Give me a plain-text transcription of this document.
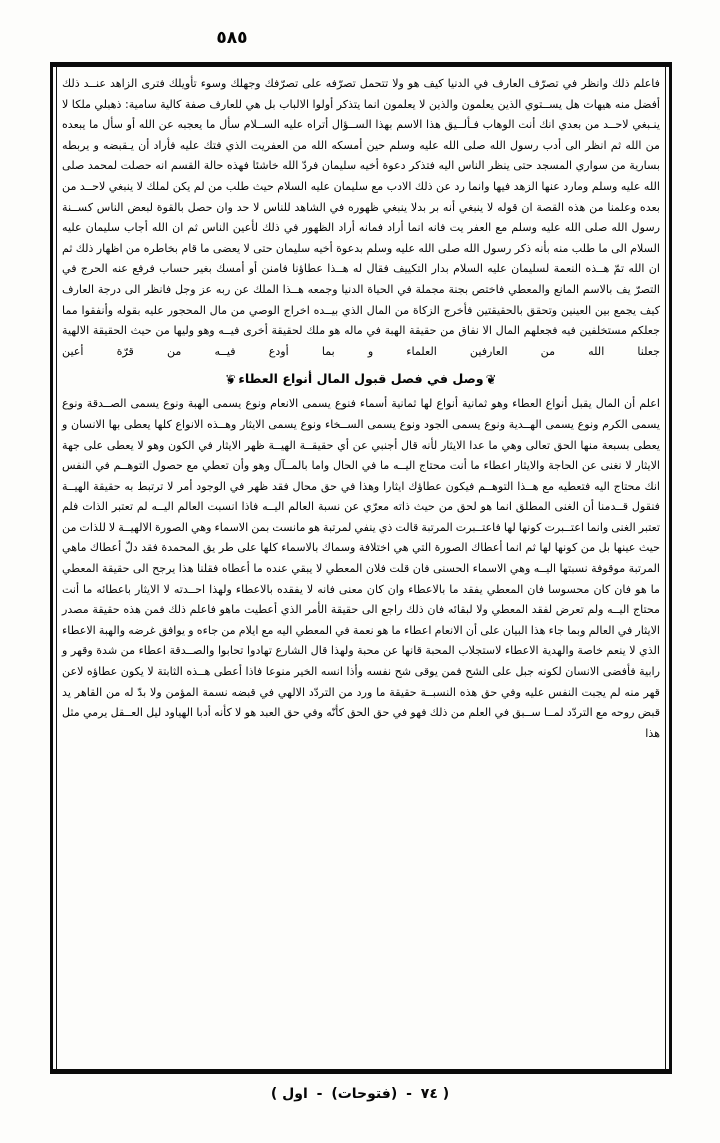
٥٨٥

فاعلم ذلك وانظر في تصرّف العارف في الدنيا كيف هو ولا تتحمل تصرّفه على تصرّفك وجهلك وسوء تأويلك فترى الزاهد عنــد ذلك أفضل منه هيهات هل يســتوي الذين يعلمون والذين لا يعلمون انما يتذكر أولوا الالباب بل هي للعارف صفة كالية سامية: ذهبلي ملكا لا ينـبغي لاحــد من بعدي انك أنت الوهاب فـألــيق هذا الاسم بهذا الســؤال أتراه عليه الســلام سأل ما يعجبه عن الله أو سأل ما يبعده من الله ثم انظر الى أدب رسول الله صلى الله عليه وسلم حين أمسكه الله من العفريت الذي فتك عليه فأراد أن يـقبضه و يربطه بسارية من سواري المسجد حتى ينظر الناس اليه فتذكر دعوة أخيه سليمان فردّ الله خاشئا فهذه حالة القسم انه حصلت لمحمد صلى الله عليه وسلم ومارد عنها الزهد فيها وانما رد عن ذلك الادب مع سليمان عليه السلام حيث طلب من لم يكن لملك لا ينبغي لاحــد من بعده وعلمنا من هذه القصة ان قوله لا ينبغي أنه بر بدلا ينبغي ظهوره في الشاهد للناس لا حد وان حصل بالقوة لبعض الناس كســنة رسول الله صلى الله عليه وسلم مع العفر يت فانه انما أراد فمانه أراد الظهور في ذلك لأعين الناس ثم ان الله أجاب سليمان عليه السلام الى ما طلب منه بأنه ذكر رسول الله صلى الله عليه وسلم بدعوة أخيه سليمان حتى لا يعضى ما قام بخاطره من اظهار ذلك ثم ان الله تمّ هــذه النعمة لسليمان عليه السلام بدار التكييف فقال له هــذا عطاؤنا فامنن أو أمسك بغير حساب فرفع عنه الحرج في التصرّ يف بالاسم المانع والمعطي فاختص بجنة مجملة في الحياة الدنيا وجمعه هــذا الملك عن ربه عز وجل فانظر الى درجة العارف كيف يجمع بين العينين وتحقق بالحقيقتين فأخرج الزكاة من المال الذي بيــده اخراج الوصي من مال المحجور عليه بقوله وأنفقوا مما جعلكم مستخلفين فيه فجعلهم المال الا نفاق من حقيقة الهبة في ماله هو ملك لحقيقة أخرى فيــه وهو وليها من حيث الحقيقة الالهية جعلنا الله من العارفين العلماء و بما أودع فيــه من قرّة أعين

❦وصل في فصل قبول المال أنواع العطاء❦

اعلم أن المال يقبل أنواع العطاء وهو ثمانية أنواع لها ثمانية أسماء فنوع يسمى الانعام ونوع يسمى الهبة ونوع يسمى الصــدقة ونوع يسمى الكرم ونوع يسمى الهــدية ونوع يسمى الجود ونوع يسمى الســخاء ونوع يسمى الايثار وهــذه الانواع كلها يعطى بها الانسان و يعطى بسبعة منها الحق تعالى وهي ما عدا الايثار لأنه قال أجنبي عن أي حقيقــة الهيــة ظهر الايثار في الكون وهو لا يعطى على جهة الايثار لا نغنى عن الحاجة والايثار اعطاء ما أنت محتاج اليــه ما في الحال واما بالمــآل وهو وأن تعطي مع حصول التوهــم في النفس انك محتاج اليه فتعطيه مع هــذا التوهــم فيكون عطاؤك ايثارا وهذا في حق محال فقد ظهر في الوجود أمر لا ترتبط به حقيقة الهيــة فنقول قــدمنا أن الغنى المطلق انما هو لحق من حيث ذاته معرّي عن نسبة العالم اليــه فاذا انسبت العالم اليــه لم تعتبر الذات فلم تعتبر الغنى وانما اعتــبرت كونها لها فاعتــبرت المرتبة قالت ذي ينفي لمرتبة هو مانست بمن الاسماء وهي الصورة الالهيــة لا للذات من حيث عينها بل من كونها لها ثم انما أعطاك الصورة التي هي اختلافة وسماك بالاسماء كلها على طر يق المحمدة فقد دلّ أعطاك ماهي المرتبة موقوفة نسبتها اليــه وهي الاسماء الحسنى فان قلت فلان المعطي لا يبقي عنده ما أعطاه فقلنا هذا يرجح الى حقيقة المعطي ما هو فان كان محسوسا فان المعطي يفقد ما بالاعطاء وان كان معنى فانه لا يفقده بالاعطاء ولهذا احــدته لا الايثار باعطائه ما أنت محتاج اليــه ولم تعرض لفقد المعطي ولا لبقائه فان ذلك راجع الى حقيقة الأمر الذي أعطيت ماهو فاعلم ذلك فمن هذه حقيقة مصدر الايثار في العالم وبما جاء هذا البيان على أن الانعام اعطاء ما هو نعمة في المعطي اليه مع ايلام من جاءه و يوافق غرضه والهبة الاعطاء الذي لا ينعم خاصة والهدية الاعطاء لاستجلاب المحبة قانها عن محبة ولهذا قال الشارع تهادوا تحابوا والصــدقة اعطاء من شدة وقهر و رابية فأفضى الانسان لكونه جبل على الشح فمن يوقى شح نفسه وأذا انسه الخير منوعا فاذا أعطى هــذه الثابتة لا يكون عطاؤه لاعن قهر منه لم يجبت النفس عليه وفي حق هذه النسبــة حقيقة ما ورد من التردّد الالهي في قبضه نسمة المؤمن ولا بدّ له من القاهر يد قبض روحه مع التردّد لمــا ســبق في العلم من ذلك فهو في حق الحق كأنّه وفي حق العبد هو لا كأنه أدبا الهياود ليل العــقل يرمي مثل هذا

( ٧٤ - (فتوحات) - اول )
